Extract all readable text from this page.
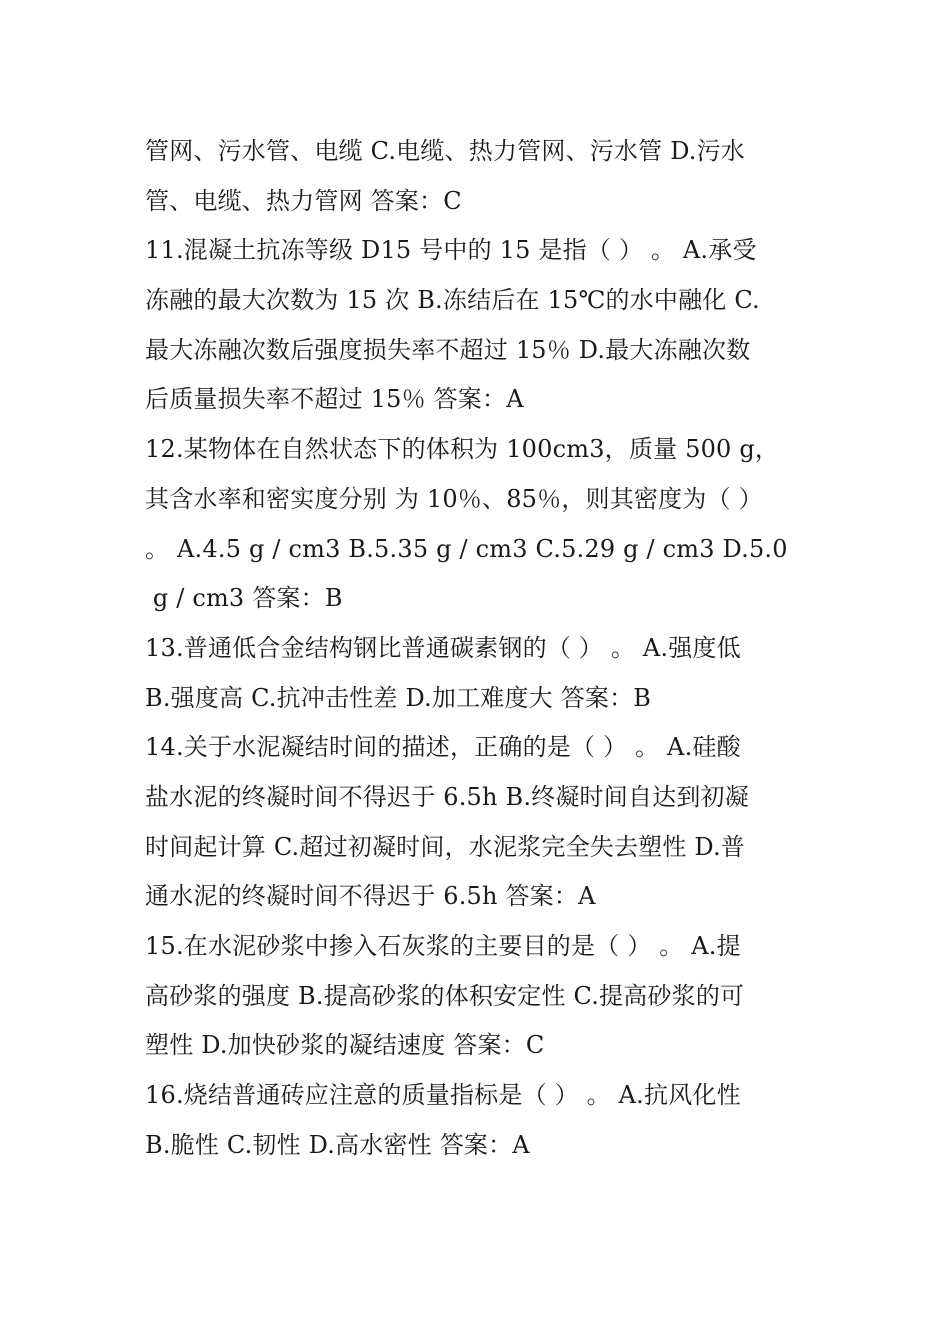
管网、污水管、电缆 C.电缆、热力管网、污水管 D.污水
管、电缆、热力管网 答案：C
11.混凝土抗冻等级 D15 号中的 15 是指（ ） 。 A.承受
冻融的最大次数为 15 次 B.冻结后在 15℃的水中融化 C.
最大冻融次数后强度损失率不超过 15％ D.最大冻融次数
后质量损失率不超过 15％ 答案：A
12.某物体在自然状态下的体积为 100cm3，质量 500 g，
其含水率和密实度分别 为 10％、85％，则其密度为（ ）
。 A.4.5 g / cm3 B.5.35 g / cm3 C.5.29 g / cm3 D.5.0
g / cm3 答案：B
13.普通低合金结构钢比普通碳素钢的（ ） 。 A.强度低
B.强度高 C.抗冲击性差 D.加工难度大 答案：B
14.关于水泥凝结时间的描述，正确的是（ ） 。 A.硅酸
盐水泥的终凝时间不得迟于 6.5h B.终凝时间自达到初凝
时间起计算 C.超过初凝时间，水泥浆完全失去塑性 D.普
通水泥的终凝时间不得迟于 6.5h 答案：A
15.在水泥砂浆中掺入石灰浆的主要目的是（ ） 。 A.提
高砂浆的强度 B.提高砂浆的体积安定性 C.提高砂浆的可
塑性 D.加快砂浆的凝结速度 答案：C
16.烧结普通砖应注意的质量指标是（ ） 。 A.抗风化性
B.脆性 C.韧性 D.高水密性 答案：A
